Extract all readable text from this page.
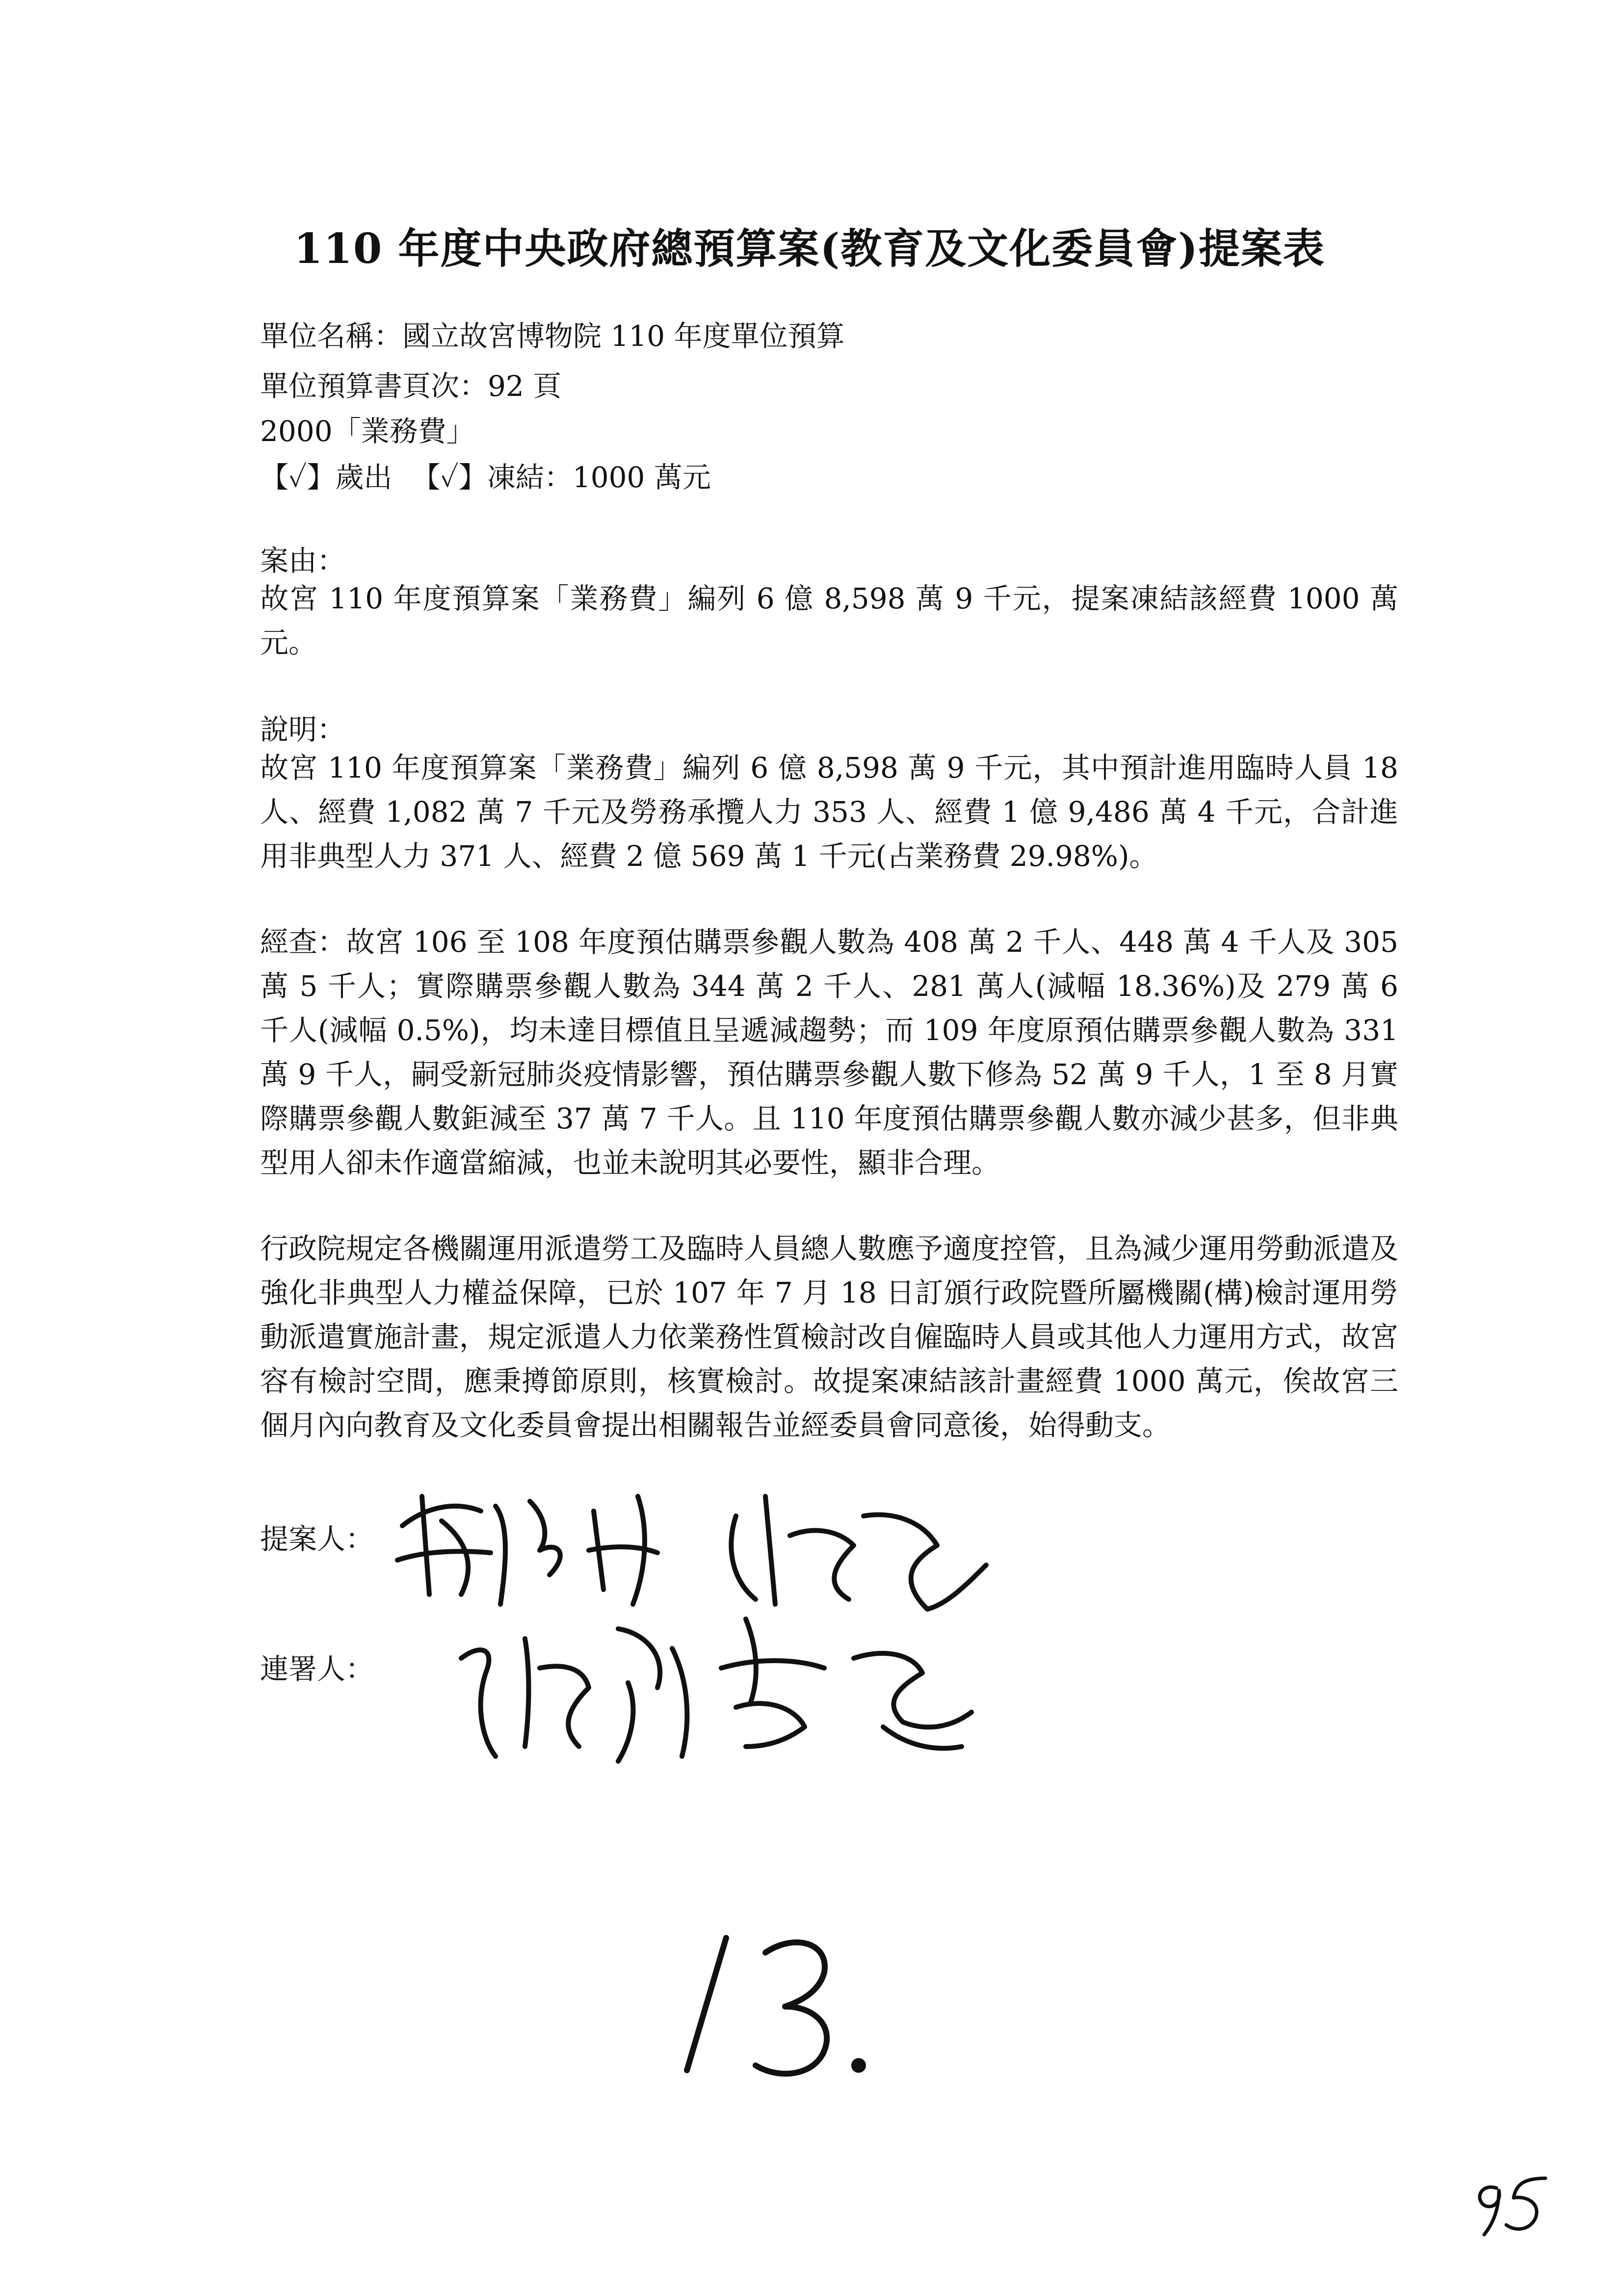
110 年度中央政府總預算案(教育及文化委員會)提案表
單位名稱：國立故宮博物院 110 年度單位預算
單位預算書頁次：92 頁
2000「業務費」
【✓】歲出 【✓】凍結：1000 萬元
案由：
故宮 110 年度預算案「業務費」編列 6 億 8,598 萬 9 千元，提案凍結該經費 1000 萬元。
說明：
故宮 110 年度預算案「業務費」編列 6 億 8,598 萬 9 千元，其中預計進用臨時人員 18 人、經費 1,082 萬 7 千元及勞務承攬人力 353 人、經費 1 億 9,486 萬 4 千元，合計進用非典型人力 371 人、經費 2 億 569 萬 1 千元(占業務費 29.98%)。
經查：故宮 106 至 108 年度預估購票參觀人數為 408 萬 2 千人、448 萬 4 千人及 305 萬 5 千人；實際購票參觀人數為 344 萬 2 千人、281 萬人(減幅 18.36%)及 279 萬 6 千人(減幅 0.5%)，均未達目標值且呈遞減趨勢；而 109 年度原預估購票參觀人數為 331 萬 9 千人，嗣受新冠肺炎疫情影響，預估購票參觀人數下修為 52 萬 9 千人，1 至 8 月實際購票參觀人數鉅減至 37 萬 7 千人。且 110 年度預估購票參觀人數亦減少甚多，但非典型用人卻未作適當縮減，也並未說明其必要性，顯非合理。
行政院規定各機關運用派遣勞工及臨時人員總人數應予適度控管，且為減少運用勞動派遣及強化非典型人力權益保障，已於 107 年 7 月 18 日訂頒行政院暨所屬機關(構)檢討運用勞動派遣實施計畫，規定派遣人力依業務性質檢討改自僱臨時人員或其他人力運用方式，故宮容有檢討空間，應秉撙節原則，核實檢討。故提案凍結該計畫經費 1000 萬元，俟故宮三個月內向教育及文化委員會提出相關報告並經委員會同意後，始得動支。
提案人：
連署人：
